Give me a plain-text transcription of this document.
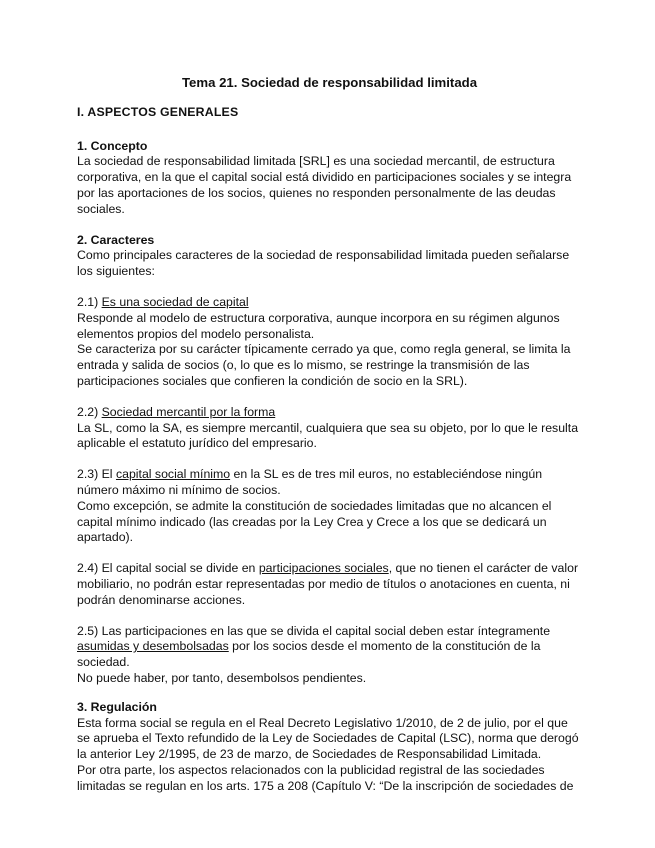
Tema 21. Sociedad de responsabilidad limitada

I. ASPECTOS GENERALES

1. Concepto

La sociedad de responsabilidad limitada [SRL] es una sociedad mercantil, de estructura corporativa, en la que el capital social está dividido en participaciones sociales y se integra por las aportaciones de los socios, quienes no responden personalmente de las deudas sociales.

2. Caracteres

Como principales caracteres de la sociedad de responsabilidad limitada pueden señalarse los siguientes:

2.1) Es una sociedad de capital

Responde al modelo de estructura corporativa, aunque incorpora en su régimen algunos elementos propios del modelo personalista.

Se caracteriza por su carácter típicamente cerrado ya que, como regla general, se limita la entrada y salida de socios (o, lo que es lo mismo, se restringe la transmisión de las participaciones sociales que confieren la condición de socio en la SRL).

2.2) Sociedad mercantil por la forma

La SL, como la SA, es siempre mercantil, cualquiera que sea su objeto, por lo que le resulta aplicable el estatuto jurídico del empresario.

2.3) El capital social mínimo en la SL es de tres mil euros, no estableciéndose ningún número máximo ni mínimo de socios.

Como excepción, se admite la constitución de sociedades limitadas que no alcancen el capital mínimo indicado (las creadas por la Ley Crea y Crece a los que se dedicará un apartado).

2.4) El capital social se divide en participaciones sociales, que no tienen el carácter de valor mobiliario, no podrán estar representadas por medio de títulos o anotaciones en cuenta, ni podrán denominarse acciones.

2.5) Las participaciones en las que se divida el capital social deben estar íntegramente asumidas y desembolsadas por los socios desde el momento de la constitución de la sociedad.

No puede haber, por tanto, desembolsos pendientes.

3. Regulación

Esta forma social se regula en el Real Decreto Legislativo 1/2010, de 2 de julio, por el que se aprueba el Texto refundido de la Ley de Sociedades de Capital (LSC), norma que derogó la anterior Ley 2/1995, de 23 de marzo, de Sociedades de Responsabilidad Limitada.

Por otra parte, los aspectos relacionados con la publicidad registral de las sociedades limitadas se regulan en los arts. 175 a 208 (Capítulo V: “De la inscripción de sociedades de
